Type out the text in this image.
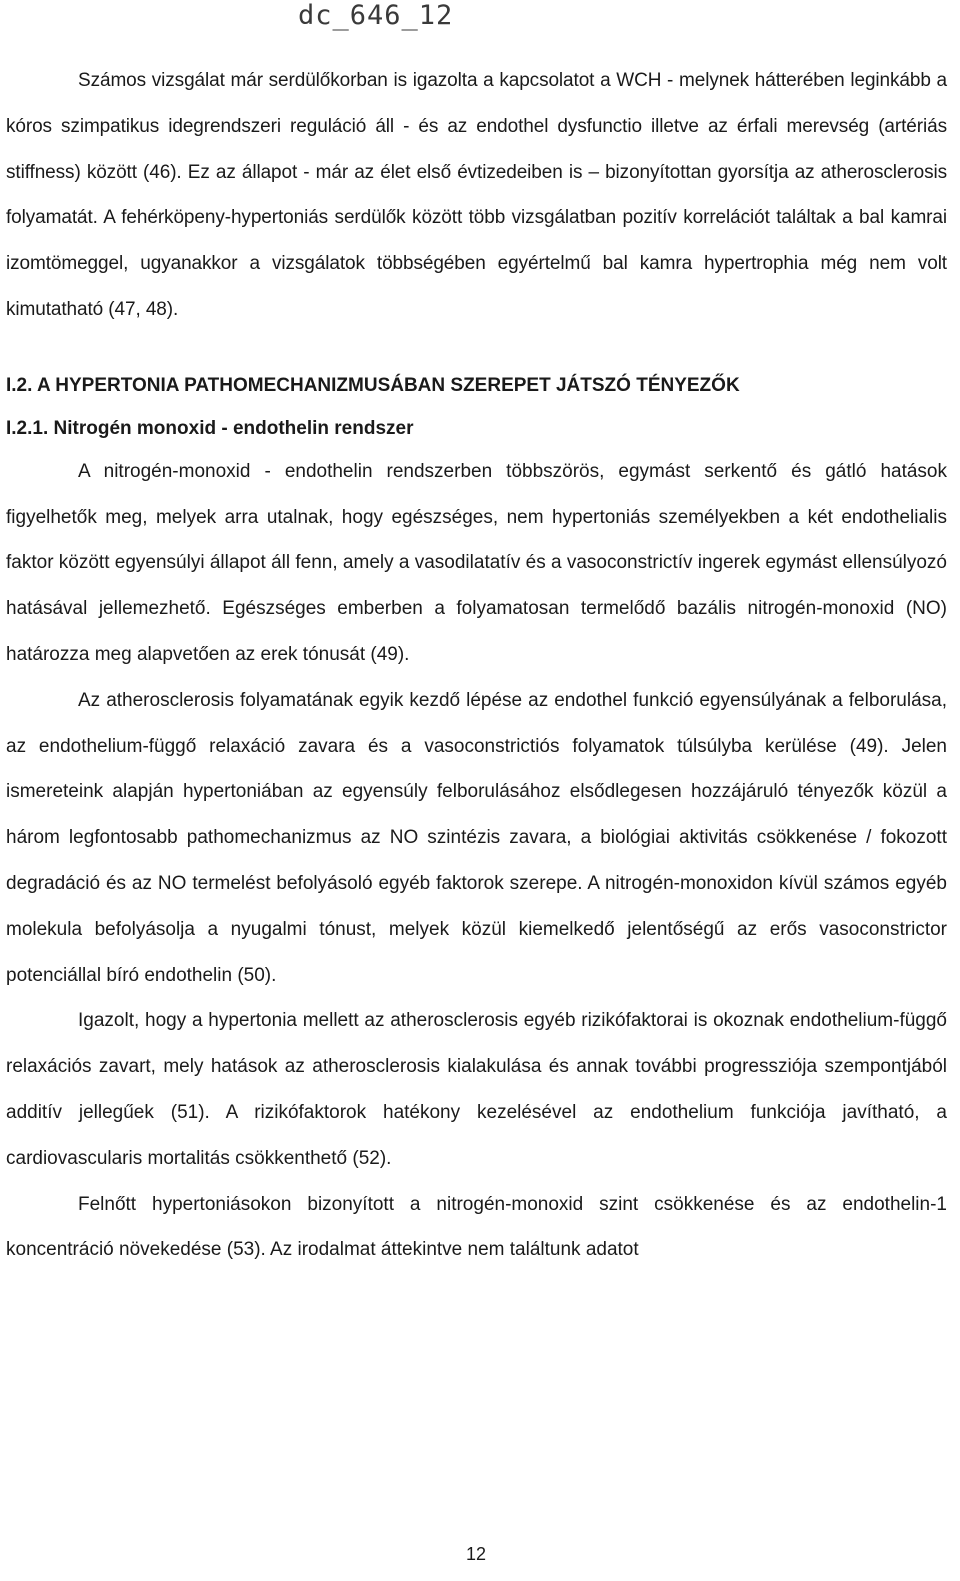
dc_646_12

Számos vizsgálat már serdülőkorban is igazolta a kapcsolatot a WCH - melynek hátterében leginkább a kóros szimpatikus idegrendszeri reguláció áll - és az endothel dysfunctio illetve az érfali merevség (artériás stiffness) között (46). Ez az állapot - már az élet első évtizedeiben is – bizonyítottan gyorsítja az atherosclerosis folyamatát. A fehérköpeny-hypertoniás serdülők között több vizsgálatban pozitív korrelációt találtak a bal kamrai izomtömeggel, ugyanakkor a vizsgálatok többségében egyértelmű bal kamra hypertrophia még nem volt kimutatható (47, 48).

I.2. A HYPERTONIA PATHOMECHANIZMUSÁBAN SZEREPET JÁTSZÓ TÉNYEZŐK
I.2.1. Nitrogén monoxid - endothelin rendszer

A nitrogén-monoxid - endothelin rendszerben többszörös, egymást serkentő és gátló hatások figyelhetők meg, melyek arra utalnak, hogy egészséges, nem hypertoniás személyekben a két endothelialis faktor között egyensúlyi állapot áll fenn, amely a vasodilatatív és a vasoconstrictív ingerek egymást ellensúlyozó hatásával jellemezhető. Egészséges emberben a folyamatosan termelődő bazális nitrogén-monoxid (NO) határozza meg alapvetően az erek tónusát (49).

Az atherosclerosis folyamatának egyik kezdő lépése az endothel funkció egyensúlyának a felborulása, az endothelium-függő relaxáció zavara és a vasoconstrictiós folyamatok túlsúlyba kerülése (49). Jelen ismereteink alapján hypertoniában az egyensúly felborulásához elsődlegesen hozzájáruló tényezők közül a három legfontosabb pathomechanizmus az NO szintézis zavara, a biológiai aktivitás csökkenése / fokozott degradáció és az NO termelést befolyásoló egyéb faktorok szerepe. A nitrogén-monoxidon kívül számos egyéb molekula befolyásolja a nyugalmi tónust, melyek közül kiemelkedő jelentőségű az erős vasoconstrictor potenciállal bíró endothelin (50).

Igazolt, hogy a hypertonia mellett az atherosclerosis egyéb rizikófaktorai is okoznak endothelium-függő relaxációs zavart, mely hatások az atherosclerosis kialakulása és annak további progressziója szempontjából additív jellegűek (51). A rizikófaktorok hatékony kezelésével az endothelium funkciója javítható, a cardiovascularis mortalitás csökkenthető (52).

Felnőtt hypertoniásokon bizonyított a nitrogén-monoxid szint csökkenése és az endothelin-1 koncentráció növekedése (53). Az irodalmat áttekintve nem találtunk adatot

12
